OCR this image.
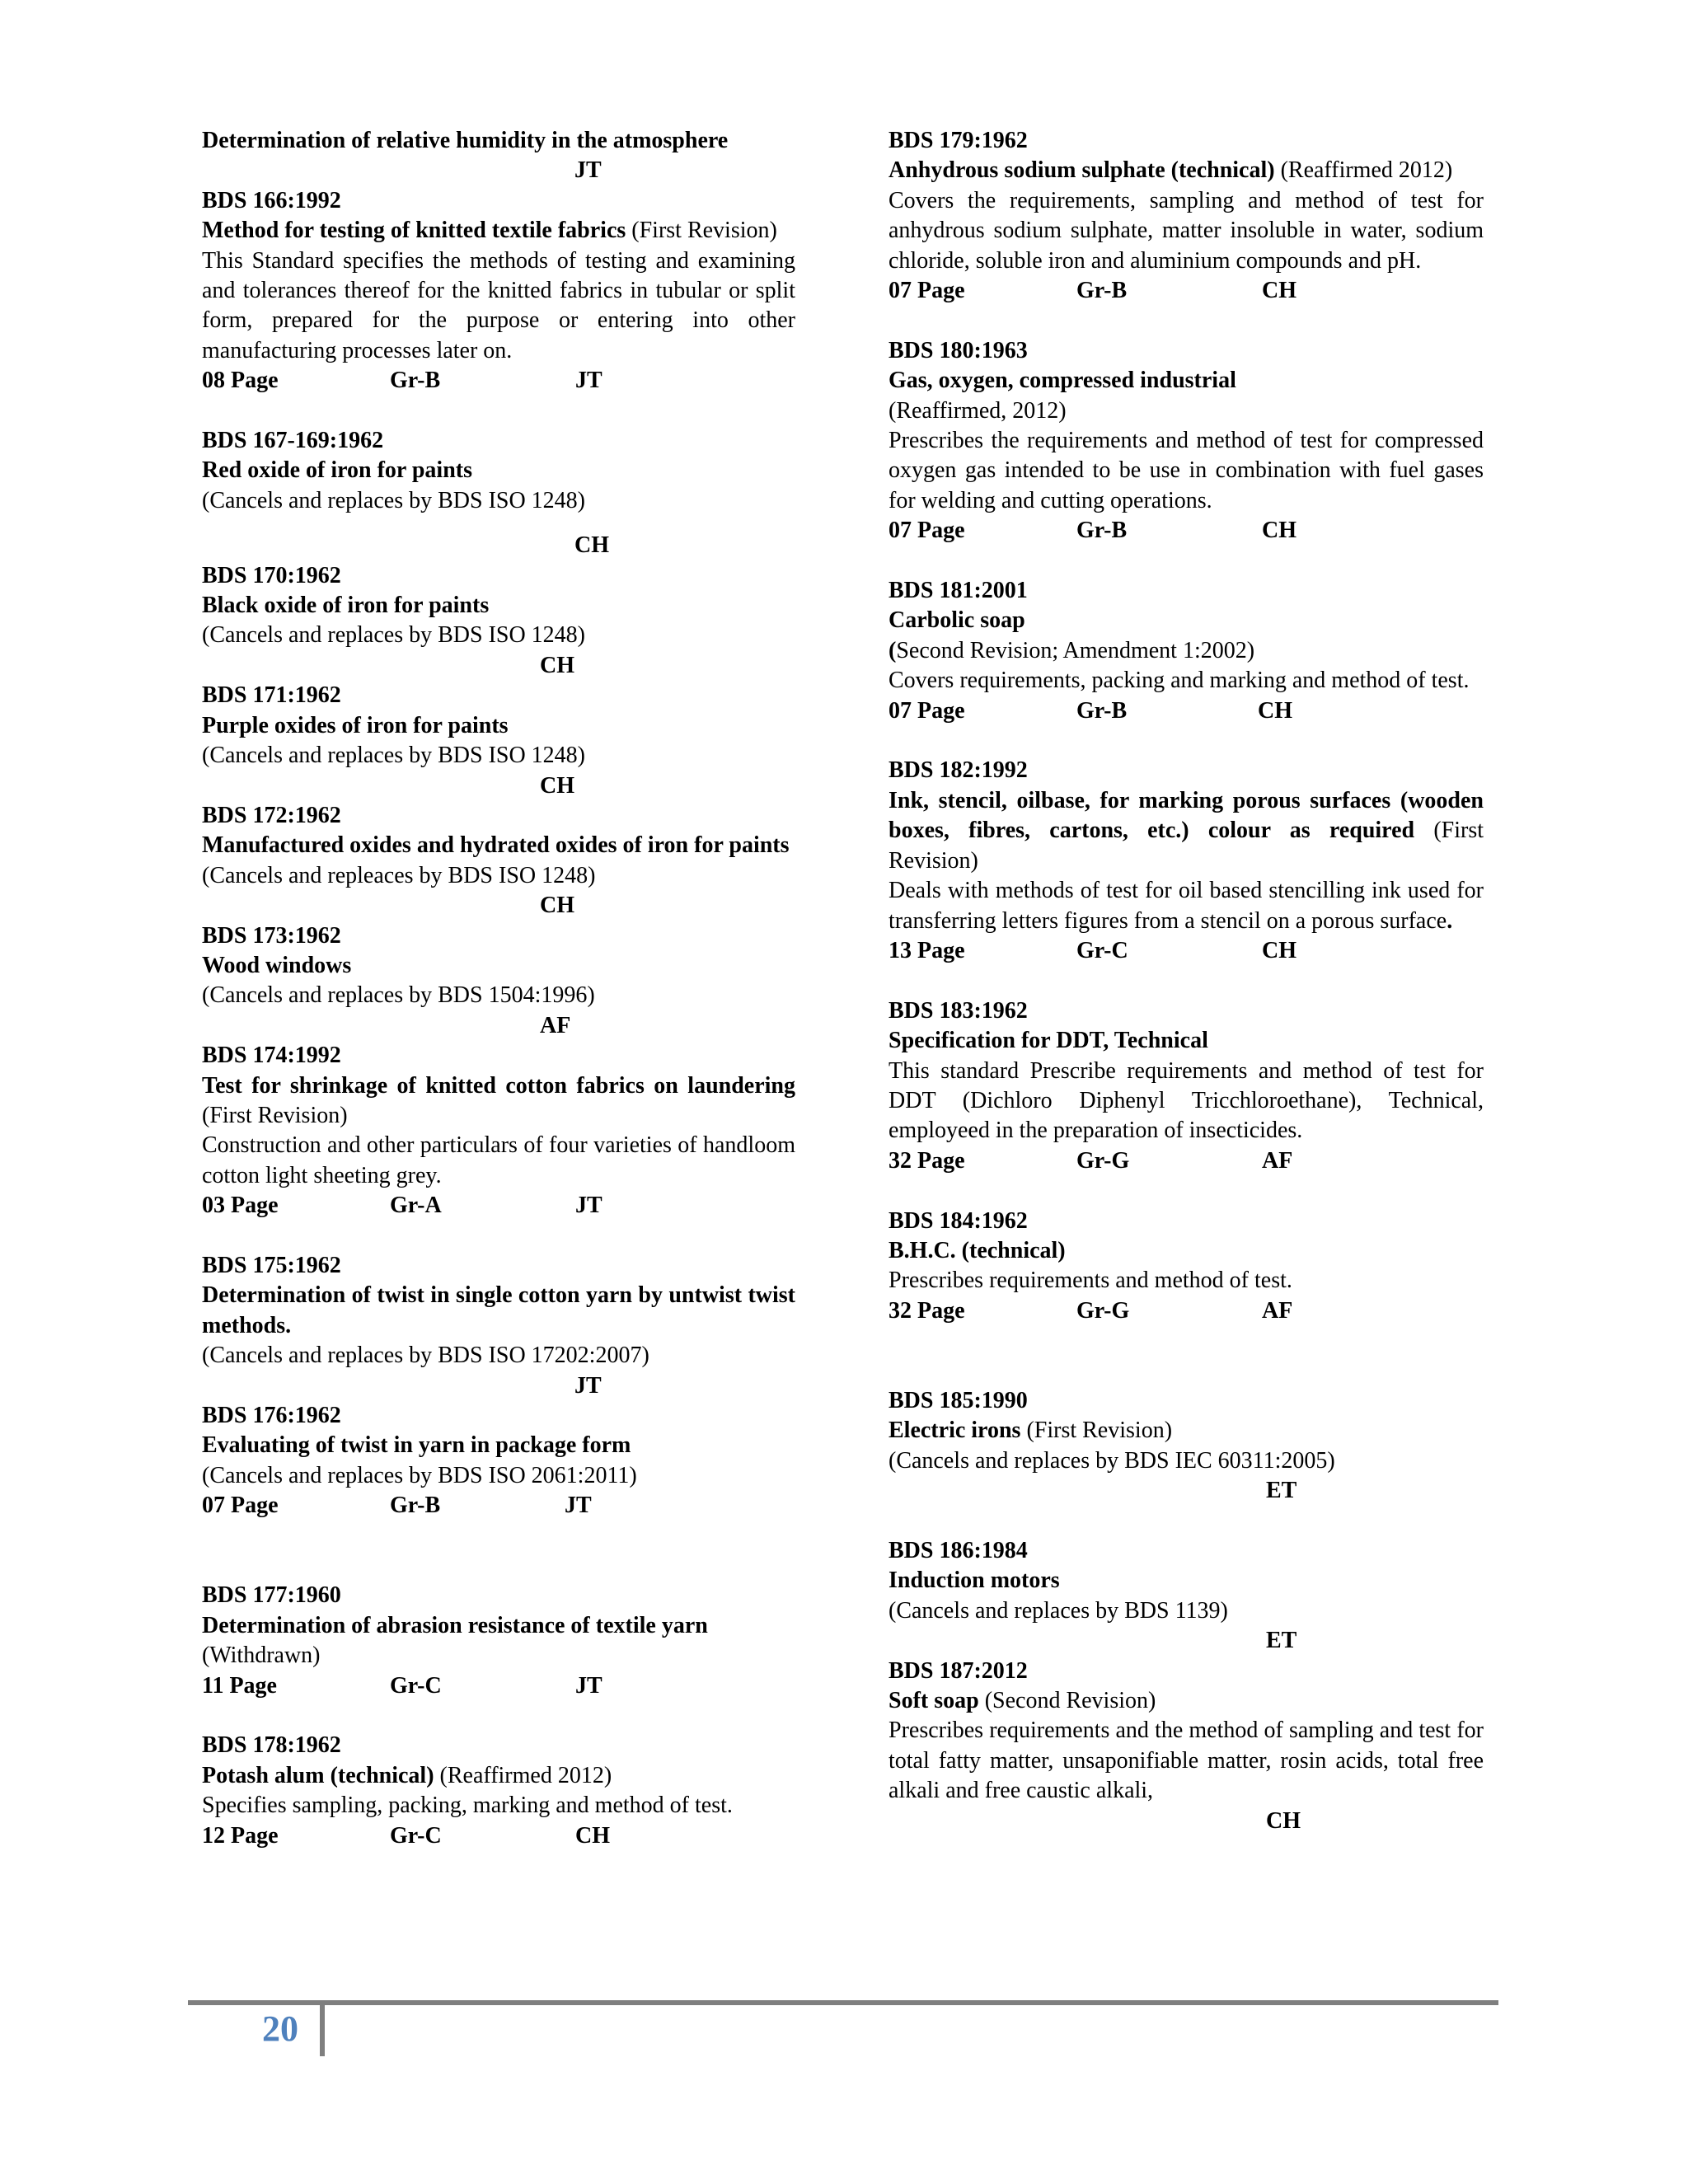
Determination of relative humidity in the atmosphere
JT
BDS 166:1992
Method for testing of knitted textile fabrics (First Revision)
This Standard specifies the methods of testing and examining and tolerances thereof for the knitted fabrics in tubular or split form, prepared for the purpose or entering into other manufacturing processes later on.
08 Page	Gr-B	JT
BDS 167-169:1962
Red oxide of iron for paints
(Cancels and replaces by BDS ISO 1248)
CH
BDS 170:1962
Black oxide of iron for paints
(Cancels and replaces by BDS ISO 1248)
CH
BDS 171:1962
Purple oxides of iron for paints
(Cancels and replaces by BDS ISO 1248)
CH
BDS 172:1962
Manufactured oxides and hydrated oxides of iron for paints
(Cancels and repleaces by BDS ISO 1248)
CH
BDS 173:1962
Wood windows
(Cancels and replaces by BDS 1504:1996)
AF
BDS 174:1992
Test for shrinkage of knitted cotton fabrics on laundering (First Revision)
Construction and other particulars of four varieties of handloom cotton light sheeting grey.
03 Page	Gr-A	JT
BDS 175:1962
Determination of twist in single cotton yarn by untwist twist methods.
(Cancels and replaces by BDS ISO 17202:2007)
JT
BDS 176:1962
Evaluating of twist in yarn in package form
(Cancels and replaces by BDS ISO 2061:2011)
07 Page	Gr-B	JT
BDS 177:1960
Determination of abrasion resistance of textile yarn
(Withdrawn)
11 Page	Gr-C	JT
BDS 178:1962
Potash alum (technical) (Reaffirmed 2012)
Specifies sampling, packing, marking and method of test.
12 Page	Gr-C	CH
BDS 179:1962
Anhydrous sodium sulphate (technical) (Reaffirmed 2012)
Covers the requirements, sampling and method of test for anhydrous sodium sulphate, matter insoluble in water, sodium chloride, soluble iron and aluminium compounds and pH.
07 Page	Gr-B	CH
BDS 180:1963
Gas, oxygen, compressed industrial
(Reaffirmed, 2012)
Prescribes the requirements and method of test for compressed oxygen gas intended to be use in combination with fuel gases for welding and cutting operations.
07 Page	Gr-B	CH
BDS 181:2001
Carbolic soap
(Second Revision; Amendment 1:2002)
Covers requirements, packing and marking and method of test.
07 Page	Gr-B	CH
BDS 182:1992
Ink, stencil, oilbase, for marking porous surfaces (wooden boxes, fibres, cartons, etc.) colour as required (First Revision)
Deals with methods of test for oil based stencilling ink used for transferring letters figures from a stencil on a porous surface.
13 Page	Gr-C	CH
BDS 183:1962
Specification for DDT, Technical
This standard Prescribe requirements and method of test for DDT (Dichloro Diphenyl Tricchloroethane), Technical, employeed in the preparation of insecticides.
32 Page	Gr-G	AF
BDS 184:1962
B.H.C. (technical)
Prescribes requirements and method of test.
32 Page	Gr-G	AF
BDS 185:1990
Electric irons (First Revision)
(Cancels and replaces by BDS IEC 60311:2005)
ET
BDS 186:1984
Induction motors
(Cancels and replaces by BDS 1139)
ET
BDS 187:2012
Soft soap (Second Revision)
Prescribes requirements and the method of sampling and test for total fatty matter, unsaponifiable matter, rosin acids, total free alkali and free caustic alkali,
CH
20
